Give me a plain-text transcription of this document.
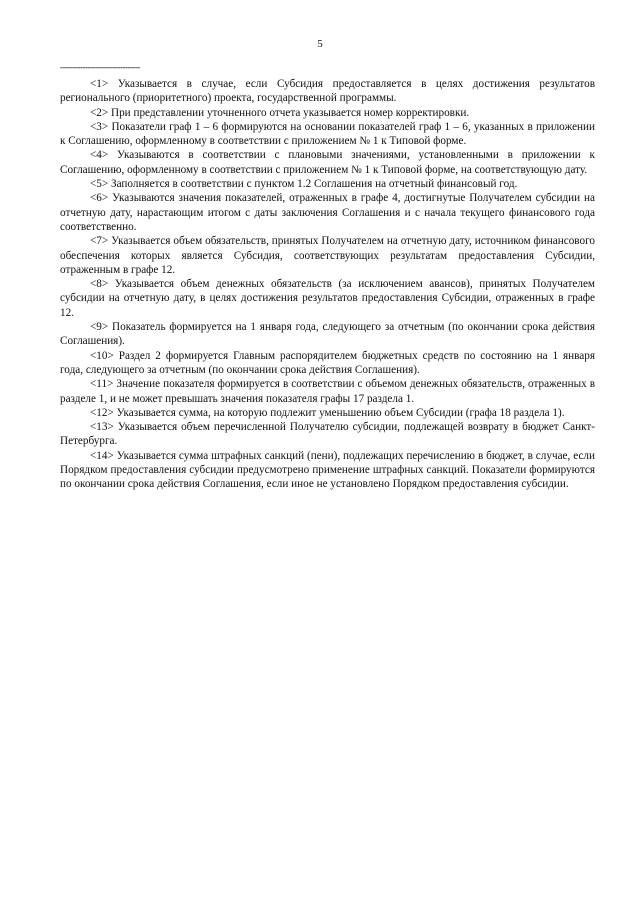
5
--------------------------------

<1> Указывается в случае, если Субсидия предоставляется в целях достижения результатов регионального (приоритетного) проекта, государственной программы.

<2> При представлении уточненного отчета указывается номер корректировки.

<3> Показатели граф 1 – 6 формируются на основании показателей граф 1 – 6, указанных в приложении к Соглашению, оформленному в соответствии с приложением № 1 к Типовой форме.

<4> Указываются в соответствии с плановыми значениями, установленными в приложении к Соглашению, оформленному в соответствии с приложением № 1 к Типовой форме, на соответствующую дату.

<5> Заполняется в соответствии с пунктом 1.2 Соглашения на отчетный финансовый год.

<6> Указываются значения показателей, отраженных в графе 4, достигнутые Получателем субсидии на отчетную дату, нарастающим итогом с даты заключения Соглашения и с начала текущего финансового года соответственно.

<7> Указывается объем обязательств, принятых Получателем на отчетную дату, источником финансового обеспечения которых является Субсидия, соответствующих результатам предоставления Субсидии, отраженным в графе 12.

<8> Указывается объем денежных обязательств (за исключением авансов), принятых Получателем субсидии на отчетную дату, в целях достижения результатов предоставления Субсидии, отраженных в графе 12.

<9> Показатель формируется на 1 января года, следующего за отчетным (по окончании срока действия Соглашения).

<10> Раздел 2 формируется Главным распорядителем бюджетных средств по состоянию на 1 января года, следующего за отчетным (по окончании срока действия Соглашения).

<11> Значение показателя формируется в соответствии с объемом денежных обязательств, отраженных в разделе 1, и не может превышать значения показателя графы 17 раздела 1.

<12> Указывается сумма, на которую подлежит уменьшению объем Субсидии (графа 18 раздела 1).

<13> Указывается объем перечисленной Получателю субсидии, подлежащей возврату в бюджет Санкт-Петербурга.

<14> Указывается сумма штрафных санкций (пени), подлежащих перечислению в бюджет, в случае, если Порядком предоставления субсидии предусмотрено применение штрафных санкций. Показатели формируются по окончании срока действия Соглашения, если иное не установлено Порядком предоставления субсидии.
